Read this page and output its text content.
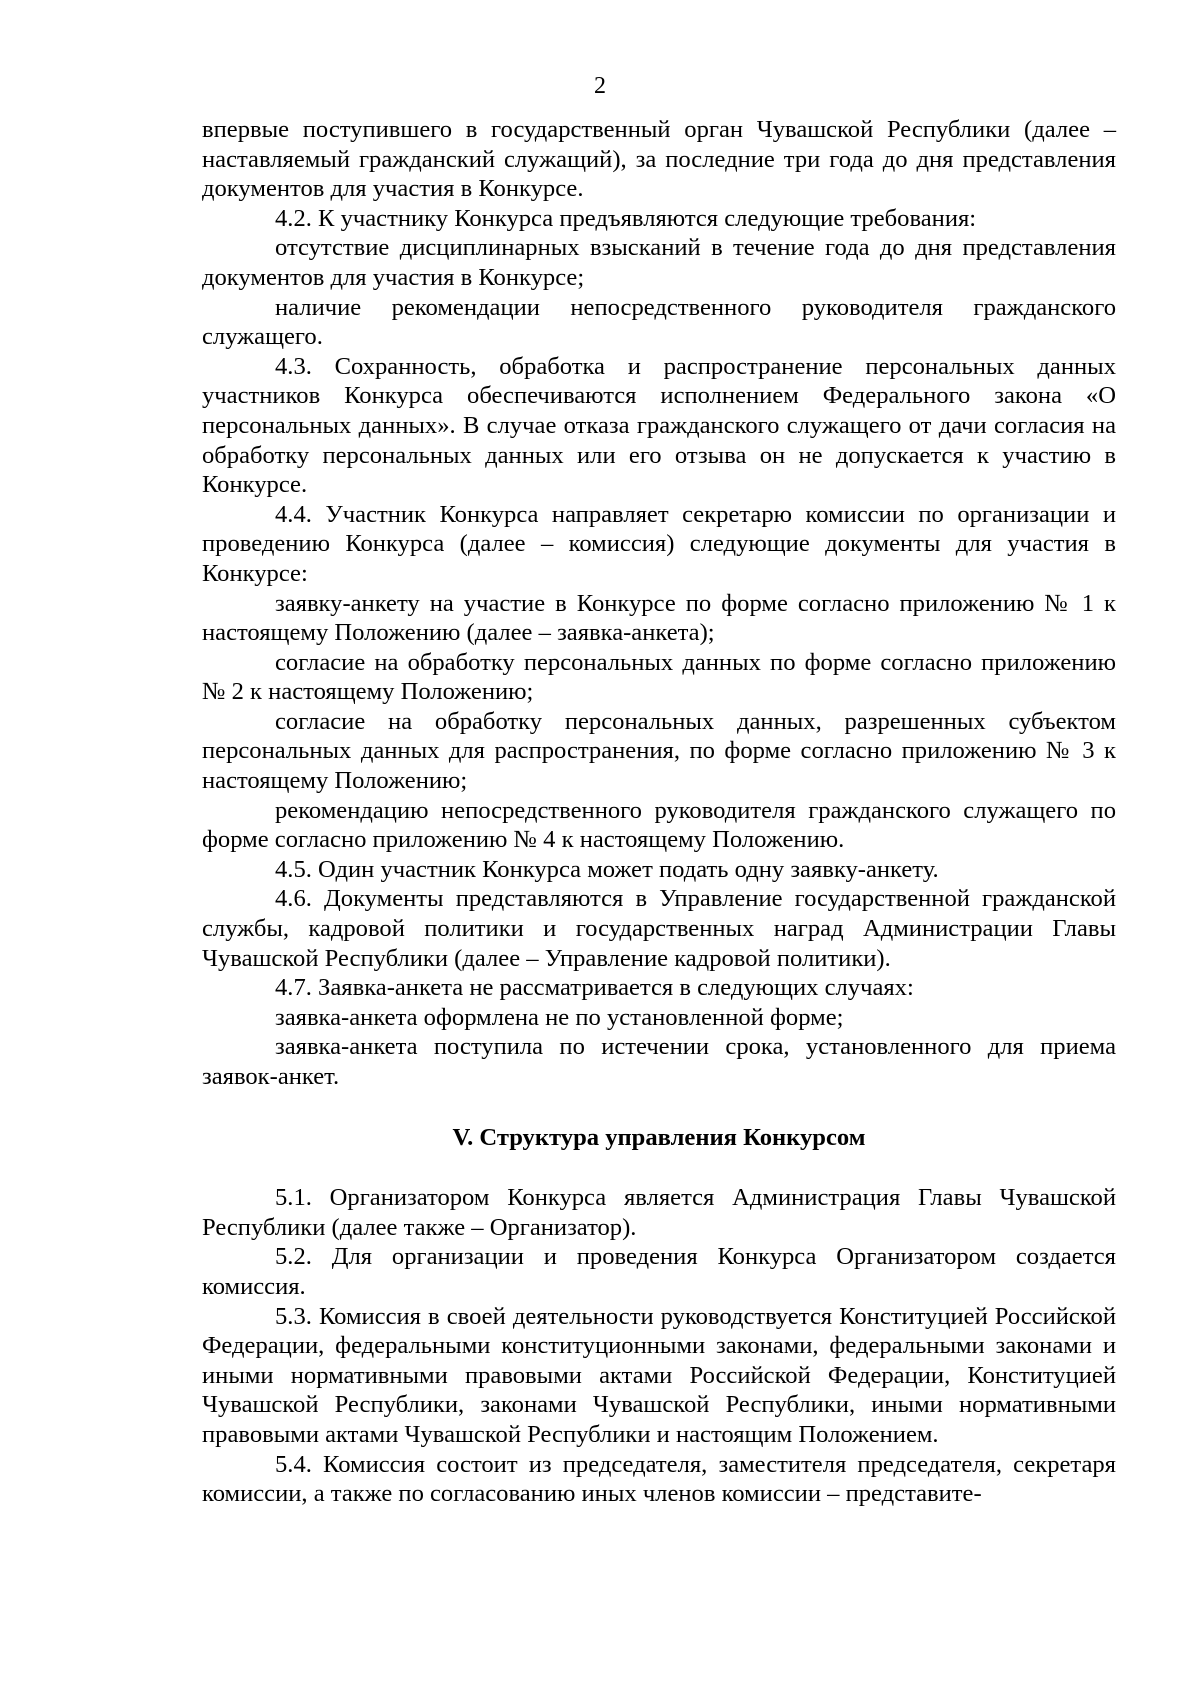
2

впервые поступившего в государственный орган Чувашской Республики (далее – наставляемый гражданский служащий), за последние три года до дня представления документов для участия в Конкурсе.

4.2. К участнику Конкурса предъявляются следующие требования:

отсутствие дисциплинарных взысканий в течение года до дня представления документов для участия в Конкурсе;

наличие рекомендации непосредственного руководителя гражданского служащего.

4.3. Сохранность, обработка и распространение персональных данных участников Конкурса обеспечиваются исполнением Федерального закона «О персональных данных». В случае отказа гражданского служащего от дачи согласия на обработку персональных данных или его отзыва он не допускается к участию в Конкурсе.

4.4. Участник Конкурса направляет секретарю комиссии по организации и проведению Конкурса (далее – комиссия) следующие документы для участия в Конкурсе:

заявку-анкету на участие в Конкурсе по форме согласно приложению № 1 к настоящему Положению (далее – заявка-анкета);

согласие на обработку персональных данных по форме согласно приложению № 2 к настоящему Положению;

согласие на обработку персональных данных, разрешенных субъектом персональных данных для распространения, по форме согласно приложению № 3 к настоящему Положению;

рекомендацию непосредственного руководителя гражданского служащего по форме согласно приложению № 4 к настоящему Положению.

4.5. Один участник Конкурса может подать одну заявку-анкету.

4.6. Документы представляются в Управление государственной гражданской службы, кадровой политики и государственных наград Администрации Главы Чувашской Республики (далее – Управление кадровой политики).

4.7. Заявка-анкета не рассматривается в следующих случаях:

заявка-анкета оформлена не по установленной форме;

заявка-анкета поступила по истечении срока, установленного для приема заявок-анкет.

V. Структура управления Конкурсом

5.1. Организатором Конкурса является Администрация Главы Чувашской Республики (далее также – Организатор).

5.2. Для организации и проведения Конкурса Организатором создается комиссия.

5.3. Комиссия в своей деятельности руководствуется Конституцией Российской Федерации, федеральными конституционными законами, федеральными законами и иными нормативными правовыми актами Российской Федерации, Конституцией Чувашской Республики, законами Чувашской Республики, иными нормативными правовыми актами Чувашской Республики и настоящим Положением.

5.4. Комиссия состоит из председателя, заместителя председателя, секретаря комиссии, а также по согласованию иных членов комиссии – представите-
